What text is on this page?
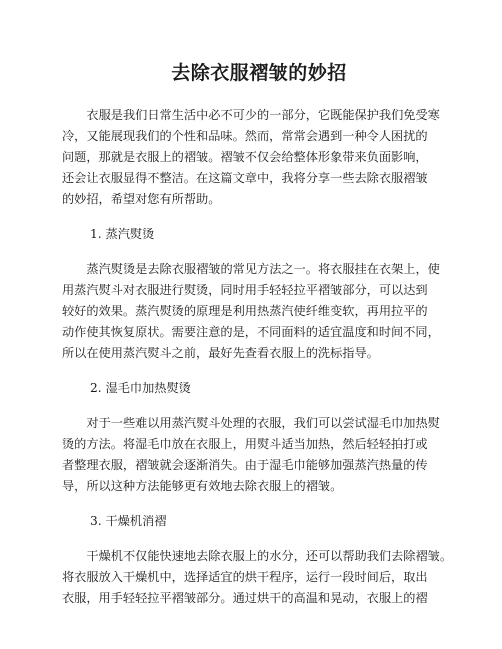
去除衣服褶皱的妙招

衣服是我们日常生活中必不可少的一部分，它既能保护我们免受寒
冷，又能展现我们的个性和品味。然而，常常会遇到一种令人困扰的
问题，那就是衣服上的褶皱。褶皱不仅会给整体形象带来负面影响，
还会让衣服显得不整洁。在这篇文章中，我将分享一些去除衣服褶皱
的妙招，希望对您有所帮助。

1. 蒸汽熨烫

蒸汽熨烫是去除衣服褶皱的常见方法之一。将衣服挂在衣架上，使
用蒸汽熨斗对衣服进行熨烫，同时用手轻轻拉平褶皱部分，可以达到
较好的效果。蒸汽熨烫的原理是利用热蒸汽使纤维变软，再用拉平的
动作使其恢复原状。需要注意的是，不同面料的适宜温度和时间不同，
所以在使用蒸汽熨斗之前，最好先查看衣服上的洗标指导。

2. 湿毛巾加热熨烫

对于一些难以用蒸汽熨斗处理的衣服，我们可以尝试湿毛巾加热熨
烫的方法。将湿毛巾放在衣服上，用熨斗适当加热，然后轻轻拍打或
者整理衣服，褶皱就会逐渐消失。由于湿毛巾能够加强蒸汽热量的传
导，所以这种方法能够更有效地去除衣服上的褶皱。

3. 干燥机消褶

干燥机不仅能快速地去除衣服上的水分，还可以帮助我们去除褶皱。
将衣服放入干燥机中，选择适宜的烘干程序，运行一段时间后，取出
衣服，用手轻轻拉平褶皱部分。通过烘干的高温和晃动，衣服上的褶
